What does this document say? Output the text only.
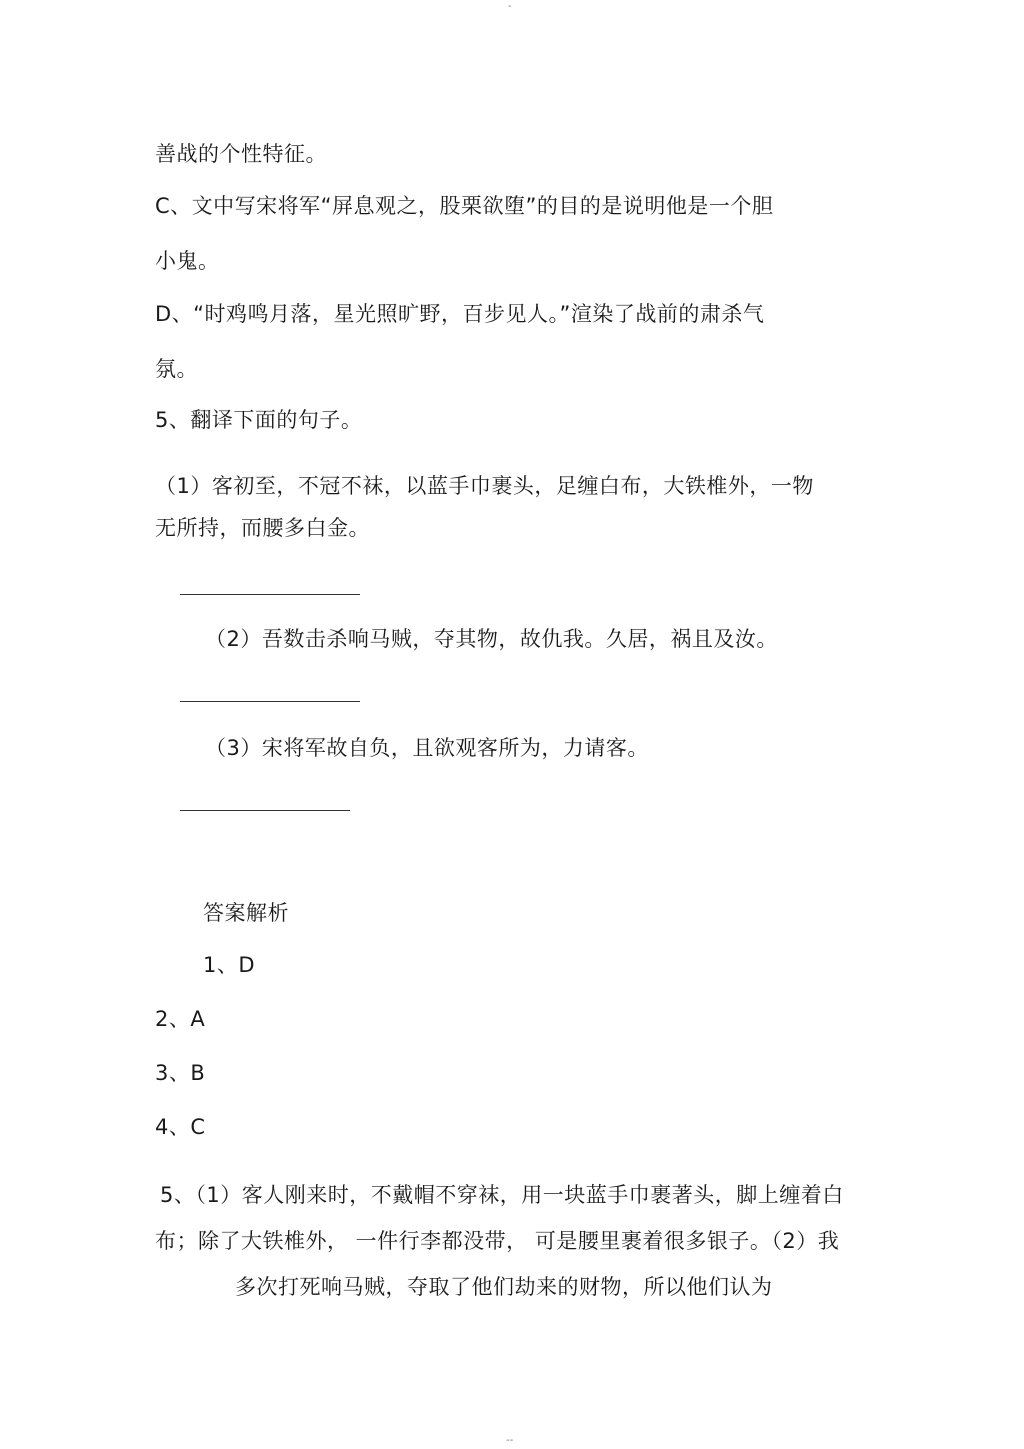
-
善战的个性特征。
C、文中写宋将军“屏息观之，股栗欲堕”的目的是说明他是一个胆
小鬼。
D、“时鸡鸣月落，星光照旷野，百步见人。”渲染了战前的肃杀气
氛。
5、翻译下面的句子。
（1）客初至，不冠不袜，以蓝手巾裹头，足缠白布，大铁椎外，一物
无所持，而腰多白金。
（2）吾数击杀响马贼，夺其物，故仇我。久居，祸且及汝。
（3）宋将军故自负，且欲观客所为，力请客。
答案解析
1、D
2、A
3、B
4、C
5、（1）客人刚来时，不戴帽不穿袜，用一块蓝手巾裹著头，脚上缠着白
布；除了大铁椎外， 一件行李都没带， 可是腰里裹着很多银子。（2）我
多次打死响马贼，夺取了他们劫来的财物，所以他们认为
--
